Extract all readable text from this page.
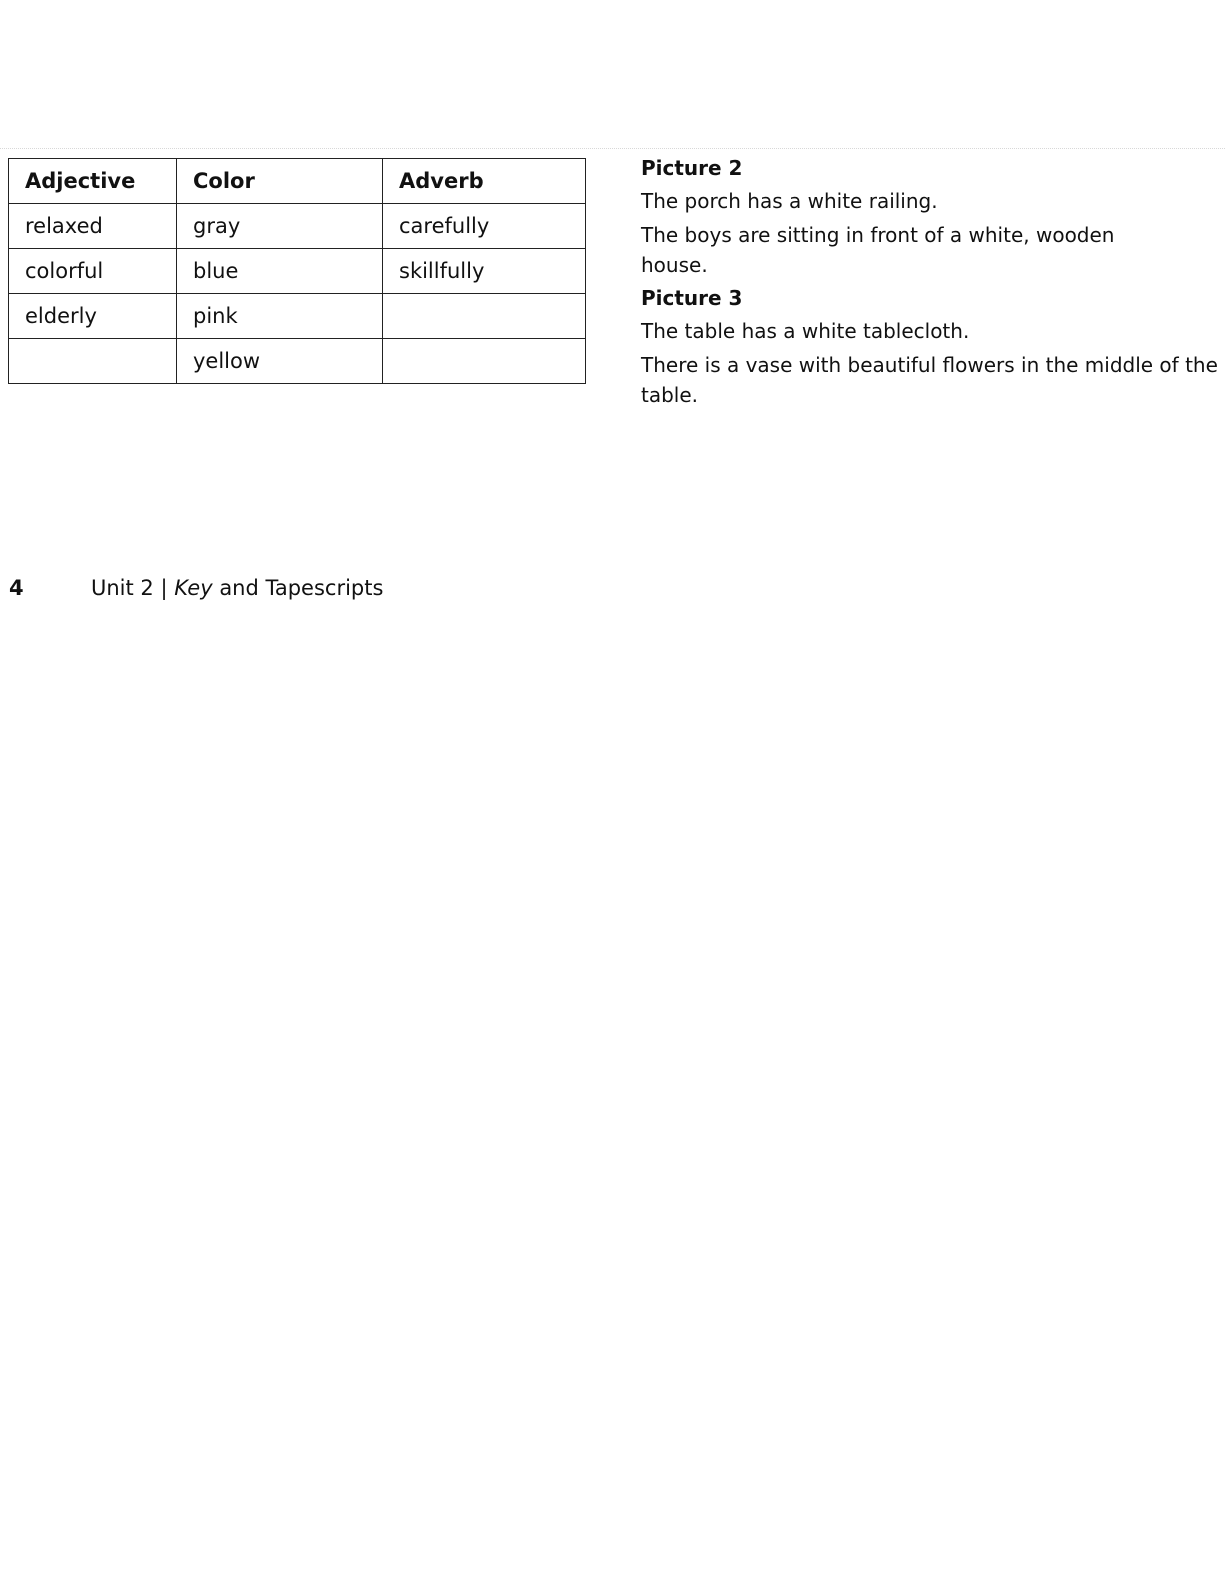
Adjective	Color	Adverb
relaxed	gray	carefully
colorful	blue	skillfully
elderly	pink	
	yellow	

Picture 2

The porch has a white railing.

The boys are sitting in front of a white, wooden house.

Picture 3

The table has a white tablecloth.

There is a vase with beautiful flowers in the middle of the table.

4	Unit 2 | Key and Tapescripts
